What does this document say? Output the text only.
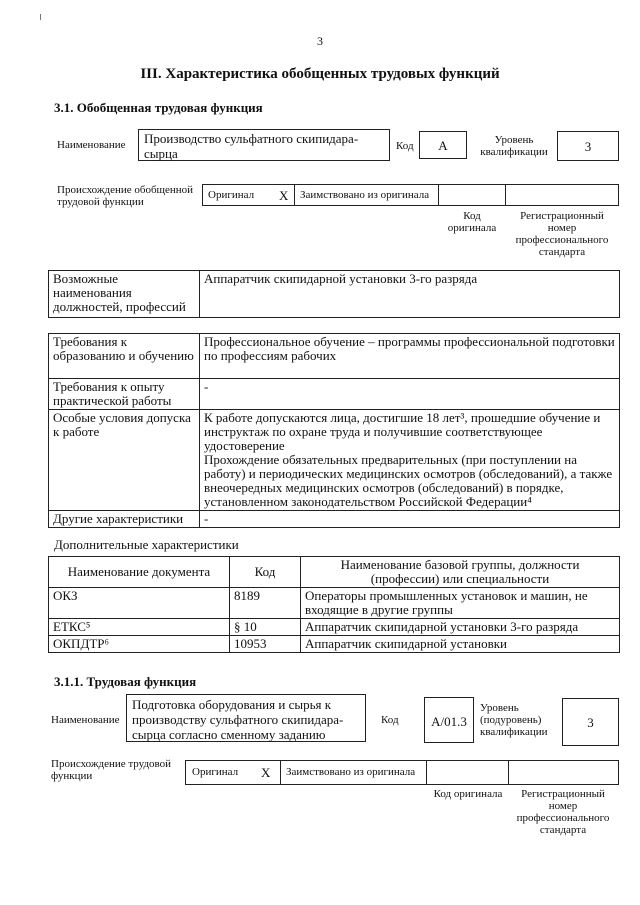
3
III. Характеристика обобщенных трудовых функций
3.1. Обобщенная трудовая функция
Наименование	Производство сульфатного скипидара-сырца	Код	А	Уровень квалификации	3
Происхождение обобщенной трудовой функции
Оригинал X Заимствовано из оригинала
Код оригинала
Регистрационный номер профессионального стандарта
Возможные наименования должностей, профессий	Аппаратчик скипидарной установки 3-го разряда
Требования к образованию и обучению	Профессиональное обучение – программы профессиональной подготовки по профессиям рабочих
Требования к опыту практической работы	-
Особые условия допуска к работе	К работе допускаются лица, достигшие 18 лет³, прошедшие обучение и инструктаж по охране труда и получившие соответствующее удостоверение
Прохождение обязательных предварительных (при поступлении на работу) и периодических медицинских осмотров (обследований), а также внеочередных медицинских осмотров (обследований) в порядке, установленном законодательством Российской Федерации⁴
Другие характеристики	-
Дополнительные характеристики
Наименование документа	Код	Наименование базовой группы, должности (профессии) или специальности
ОКЗ	8189	Операторы промышленных установок и машин, не входящие в другие группы
ЕТКС⁵	§ 10	Аппаратчик скипидарной установки 3-го разряда
ОКПДТР⁶	10953	Аппаратчик скипидарной установки
3.1.1. Трудовая функция
Наименование
Подготовка оборудования и сырья к производству сульфатного скипидара-сырца согласно сменному заданию
Код	А/01.3
Уровень (подуровень) квалификации
3
Происхождение трудовой функции	Оригинал X Заимствовано из оригинала
Код оригинала	Регистрационный номер профессионального стандарта
